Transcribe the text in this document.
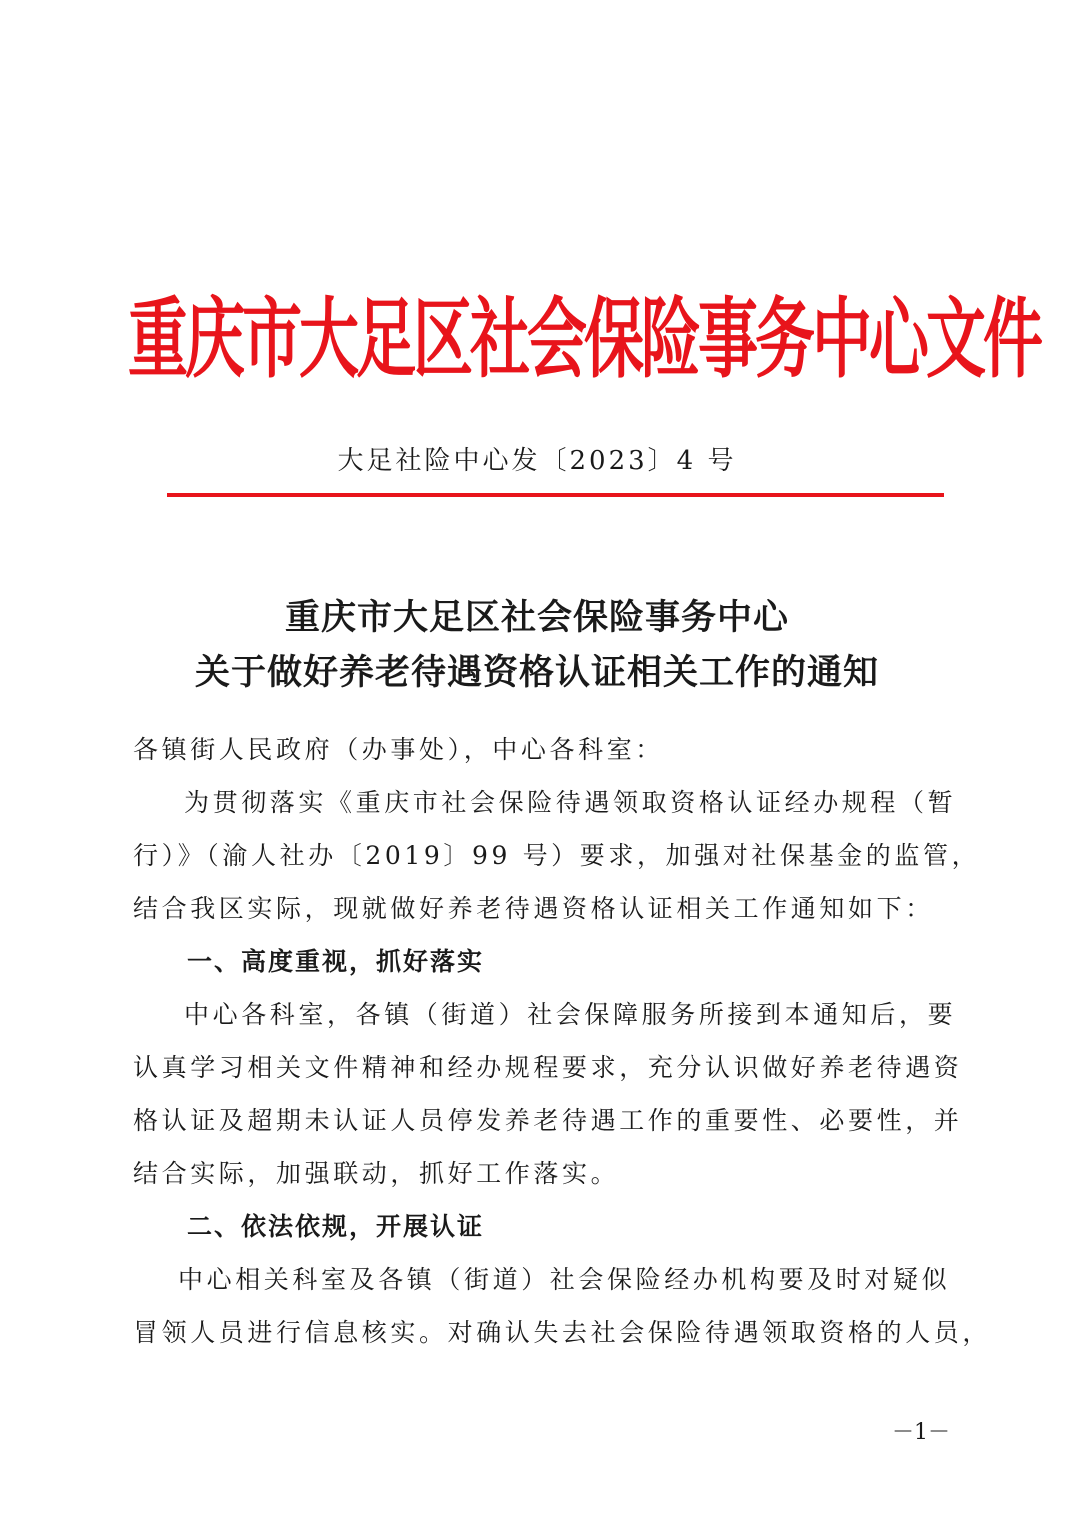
重庆市大足区社会保险事务中心文件
大足社险中心发〔2023〕4 号
重庆市大足区社会保险事务中心
关于做好养老待遇资格认证相关工作的通知
各镇街人民政府（办事处），中心各科室：
为贯彻落实《重庆市社会保险待遇领取资格认证经办规程（暂
行）》（渝人社办〔2019〕99 号）要求，加强对社保基金的监管，
结合我区实际，现就做好养老待遇资格认证相关工作通知如下：
一、高度重视，抓好落实
中心各科室，各镇（街道）社会保障服务所接到本通知后，要
认真学习相关文件精神和经办规程要求，充分认识做好养老待遇资
格认证及超期未认证人员停发养老待遇工作的重要性、必要性，并
结合实际，加强联动，抓好工作落实。
二、依法依规，开展认证
中心相关科室及各镇（街道）社会保险经办机构要及时对疑似
冒领人员进行信息核实。对确认失去社会保险待遇领取资格的人员，
－1－
